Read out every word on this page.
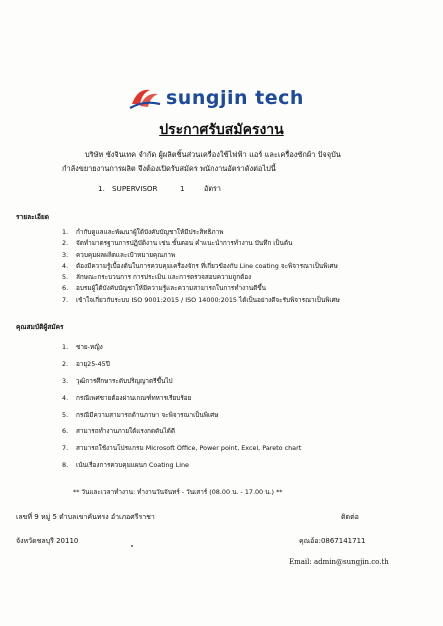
sungjin tech
ประกาศรับสมัครงาน
บริษัท ซังจินเทค จำกัด ผู้ผลิตชิ้นส่วนเครื่องใช้ไฟฟ้า แอร์ และเครื่องซักผ้า ปัจจุบัน
กำลังขยายงานการผลิต จึงต้องเปิดรับสมัคร พนักงานอัตราดังต่อไปนี้
1. SUPERVISOR	1	อัตรา
รายละเอียด
1.	กำกับดูแลและพัฒนาผู้ใต้บังคับบัญชาให้มีประสิทธิภาพ
2.	จัดทำมาตรฐานการปฏิบัติงาน เช่น ขั้นตอน คำแนะนำการทำงาน บันทึก เป็นต้น
3.	ควบคุมผลผลิตและเป้าหมายคุณภาพ
4.	ต้องมีความรู้เบื้องต้นในการควบคุมเครื่องจักร ที่เกี่ยวข้องกับ Line coating จะพิจารณาเป็นพิเศษ
5.	ลักษณะกระบวนการ การประเมิน และการตรวจสอบความถูกต้อง
6.	อบรมผู้ใต้บังคับบัญชาให้มีความรู้และความสามารถในการทำงานดีขึ้น
7.	เข้าใจเกี่ยวกับระบบ ISO 9001:2015 / ISO 14000:2015 ได้เป็นอย่างดีจะรับพิจารณาเป็นพิเศษ
คุณสมบัติผู้สมัคร
1.	ชาย-หญิง
2.	อายุ25-45ปี
3.	วุฒิการศึกษาระดับปริญญาตรีขึ้นไป
4.	กรณีเพศชายต้องผ่านเกณฑ์ทหารเรียบร้อย
5.	กรณีมีความสามารถด้านภาษา จะพิจารณาเป็นพิเศษ
6.	สามารถทำงานภายใต้แรงกดดันได้ดี
7.	สามารถใช้งานโปรแกรม Microsoft Office, Power point, Excel, Pareto chart
8.	เน้นเรื่องการควบคุมแผนก Coating Line
** วันและเวลาทำงาน: ทำงานวันจันทร์ - วันเสาร์ (08.00 น. - 17.00 น.) **
เลขที่ 9 หมู่ 5 ตำบลเขาคันทรง อำเภอศรีราชา	ติดต่อ
จังหวัดชลบุรี 20110	คุณอ้อ:0867141711
Email: admin@sungjin.co.th
